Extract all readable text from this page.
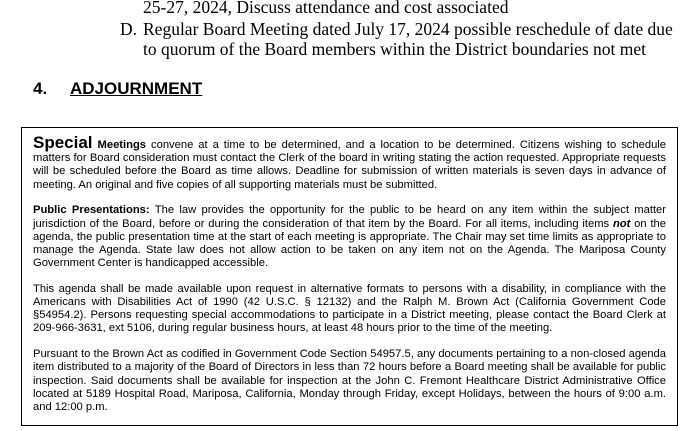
25-27, 2024, Discuss attendance and cost associated
D. Regular Board Meeting dated July 17, 2024 possible reschedule of date due to quorum of the Board members within the District boundaries not met
4. ADJOURNMENT

Special Meetings convene at a time to be determined, and a location to be determined. Citizens wishing to schedule matters for Board consideration must contact the Clerk of the board in writing stating the action requested. Appropriate requests will be scheduled before the Board as time allows. Deadline for submission of written materials is seven days in advance of meeting. An original and five copies of all supporting materials must be submitted.

Public Presentations: The law provides the opportunity for the public to be heard on any item within the subject matter jurisdiction of the Board, before or during the consideration of that item by the Board. For all items, including items not on the agenda, the public presentation time at the start of each meeting is appropriate. The Chair may set time limits as appropriate to manage the Agenda. State law does not allow action to be taken on any item not on the Agenda. The Mariposa County Government Center is handicapped accessible.

This agenda shall be made available upon request in alternative formats to persons with a disability, in compliance with the Americans with Disabilities Act of 1990 (42 U.S.C. § 12132) and the Ralph M. Brown Act (California Government Code §54954.2). Persons requesting special accommodations to participate in a District meeting, please contact the Board Clerk at 209-966-3631, ext 5106, during regular business hours, at least 48 hours prior to the time of the meeting.

Pursuant to the Brown Act as codified in Government Code Section 54957.5, any documents pertaining to a non-closed agenda item distributed to a majority of the Board of Directors in less than 72 hours before a Board meeting shall be available for public inspection. Said documents shall be available for inspection at the John C. Fremont Healthcare District Administrative Office located at 5189 Hospital Road, Mariposa, California, Monday through Friday, except Holidays, between the hours of 9:00 a.m. and 12:00 p.m.
